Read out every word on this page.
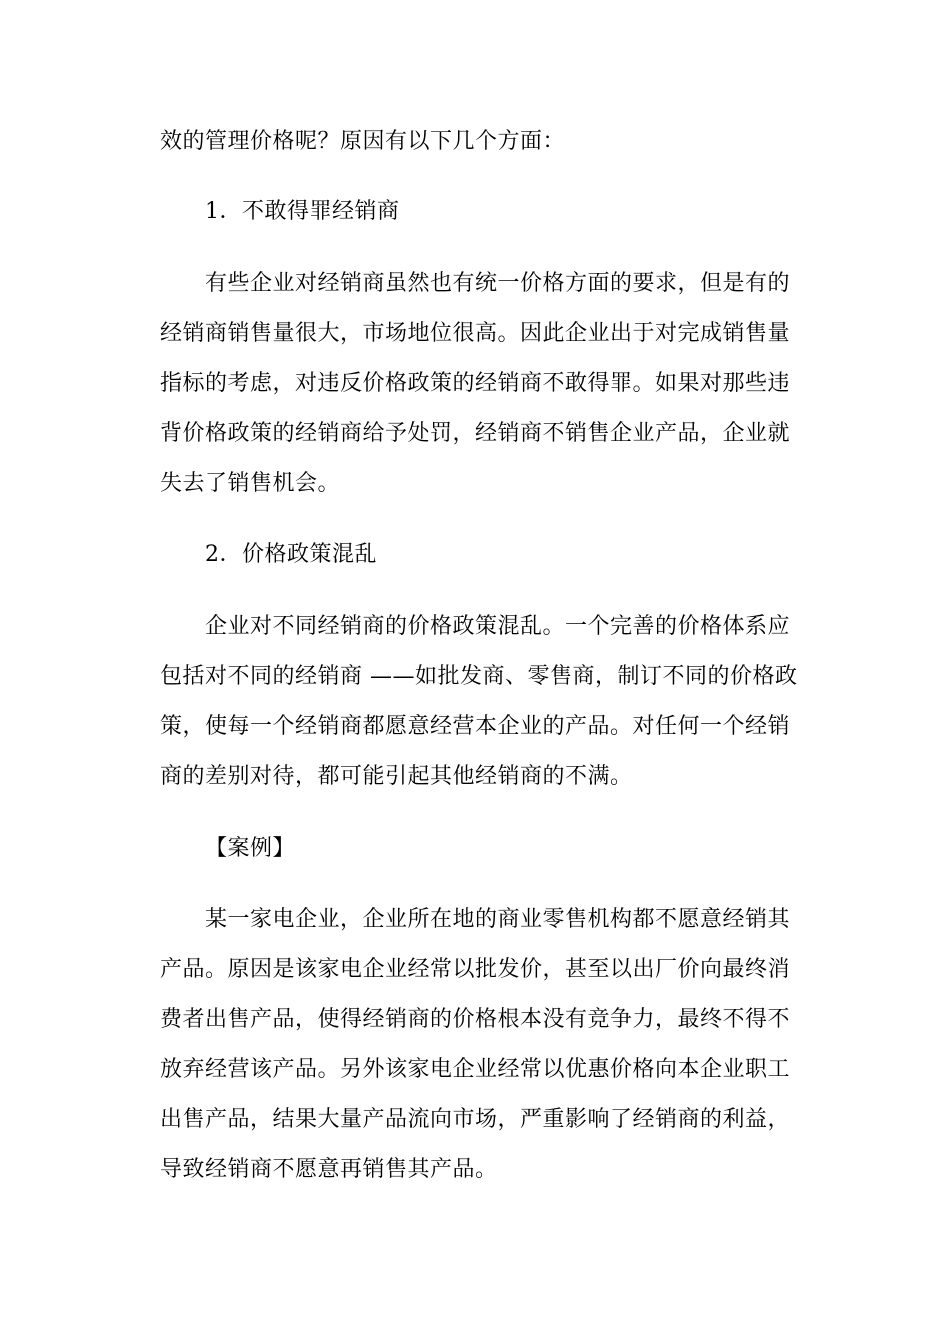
效的管理价格呢？原因有以下几个方面：

1．不敢得罪经销商

有些企业对经销商虽然也有统一价格方面的要求，但是有的

经销商销售量很大，市场地位很高。因此企业出于对完成销售量

指标的考虑，对违反价格政策的经销商不敢得罪。如果对那些违

背价格政策的经销商给予处罚，经销商不销售企业产品，企业就

失去了销售机会。

2．价格政策混乱

企业对不同经销商的价格政策混乱。一个完善的价格体系应

包括对不同的经销商 ——如批发商、零售商，制订不同的价格政

策，使每一个经销商都愿意经营本企业的产品。对任何一个经销

商的差别对待，都可能引起其他经销商的不满。

【案例】

某一家电企业，企业所在地的商业零售机构都不愿意经销其

产品。原因是该家电企业经常以批发价，甚至以出厂价向最终消

费者出售产品，使得经销商的价格根本没有竞争力，最终不得不

放弃经营该产品。另外该家电企业经常以优惠价格向本企业职工

出售产品，结果大量产品流向市场，严重影响了经销商的利益，

导致经销商不愿意再销售其产品。
